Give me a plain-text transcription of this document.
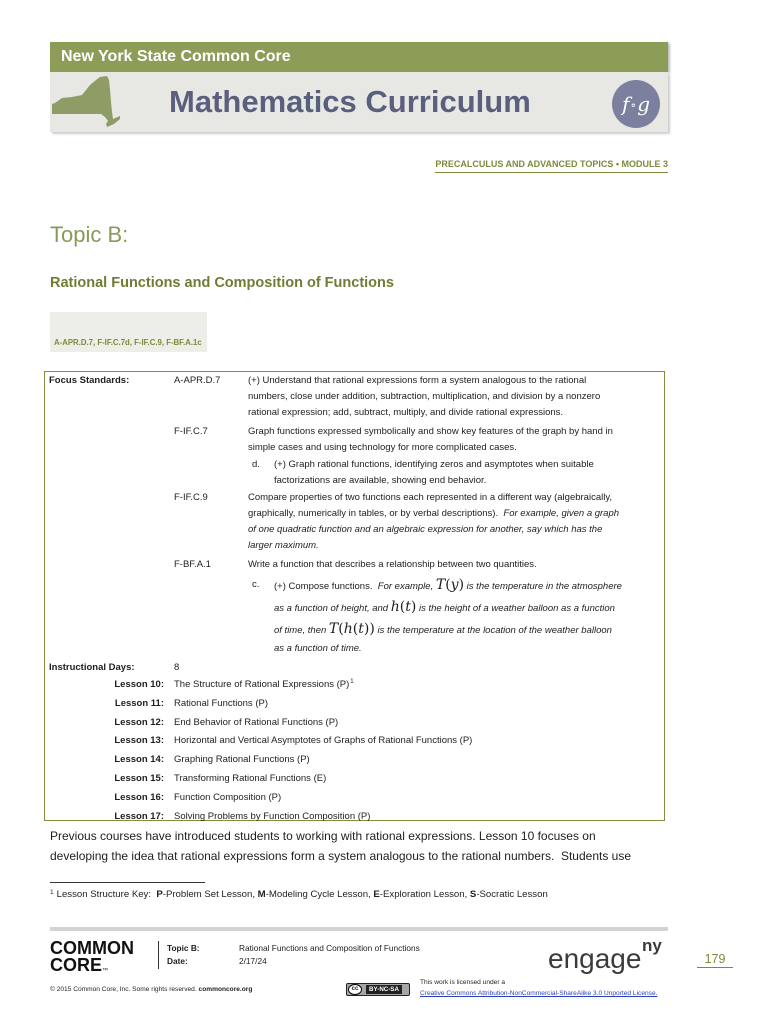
New York State Common Core
Mathematics Curriculum	f∘g
PRECALCULUS AND ADVANCED TOPICS • MODULE 3
Topic B:
Rational Functions and Composition of Functions
A-APR.D.7, F-IF.C.7d, F-IF.C.9, F-BF.A.1c
Focus Standards:	A-APR.D.7	(+) Understand that rational expressions form a system analogous to the rational
numbers, close under addition, subtraction, multiplication, and division by a nonzero
rational expression; add, subtract, multiply, and divide rational expressions.
F-IF.C.7	Graph functions expressed symbolically and show key features of the graph by hand in
simple cases and using technology for more complicated cases.
d.	(+) Graph rational functions, identifying zeros and asymptotes when suitable
factorizations are available, showing end behavior.
F-IF.C.9	Compare properties of two functions each represented in a different way (algebraically,
graphically, numerically in tables, or by verbal descriptions).  For example, given a graph
of one quadratic function and an algebraic expression for another, say which has the
larger maximum.
F-BF.A.1	Write a function that describes a relationship between two quantities.
c.	(+) Compose functions.  For example, T(y) is the temperature in the atmosphere
as a function of height, and h(t) is the height of a weather balloon as a function
of time, then T(h(t)) is the temperature at the location of the weather balloon
as a function of time.
Instructional Days:	8
Lesson 10:	The Structure of Rational Expressions $(P)^1$
Lesson 11:	Rational Functions (P)
Lesson 12:	End Behavior of Rational Functions (P)
Lesson 13:	Horizontal and Vertical Asymptotes of Graphs of Rational Functions (P)
Lesson 14:	Graphing Rational Functions (P)
Lesson 15:	Transforming Rational Functions (E)
Lesson 16:	Function Composition (P)
Lesson 17:	Solving Problems by Function Composition (P)
Previous courses have introduced students to working with rational expressions. Lesson 10 focuses on
developing the idea that rational expressions form a system analogous to the rational numbers.  Students use
1 Lesson Structure Key:  P-Problem Set Lesson, M-Modeling Cycle Lesson, E-Exploration Lesson, S-Socratic Lesson
COMMON
CORE™
Topic B:	Rational Functions and Composition of Functions
Date:	2/17/24	engage ny
179
© 2015 Common Core, Inc. Some rights reserved. commoncore.org	cc	BY-NC-SA
This work is licensed under a
Creative Commons Attribution-NonCommercial-ShareAlike 3.0 Unported License.
